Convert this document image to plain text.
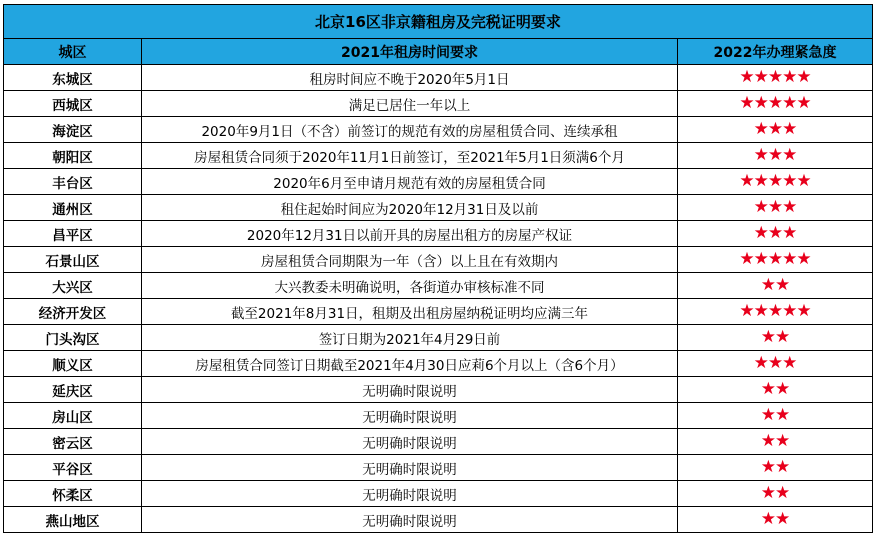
北京16区非京籍租房及完税证明要求		
城区	2021年租房时间要求	2022年办理紧急度
东城区	租房时间应不晚于2020年5月1日	★★★★★
西城区	满足已居住一年以上	★★★★★
海淀区	2020年9月1日（不含）前签订的规范有效的房屋租赁合同、连续承租	★★★
朝阳区	房屋租赁合同须于2020年11月1日前签订，至2021年5月1日须满6个月	★★★
丰台区	2020年6月至申请月规范有效的房屋租赁合同	★★★★★
通州区	租住起始时间应为2020年12月31日及以前	★★★
昌平区	2020年12月31日以前开具的房屋出租方的房屋产权证	★★★
石景山区	房屋租赁合同期限为一年（含）以上且在有效期内	★★★★★
大兴区	大兴教委未明确说明，各街道办审核标准不同	★★
经济开发区	截至2021年8月31日，租期及出租房屋纳税证明均应满三年	★★★★★
门头沟区	签订日期为2021年4月29日前	★★
顺义区	房屋租赁合同签订日期截至2021年4月30日应莉6个月以上（含6个月）	★★★
延庆区	无明确时限说明	★★
房山区	无明确时限说明	★★
密云区	无明确时限说明	★★
平谷区	无明确时限说明	★★
怀柔区	无明确时限说明	★★
燕山地区	无明确时限说明	★★
